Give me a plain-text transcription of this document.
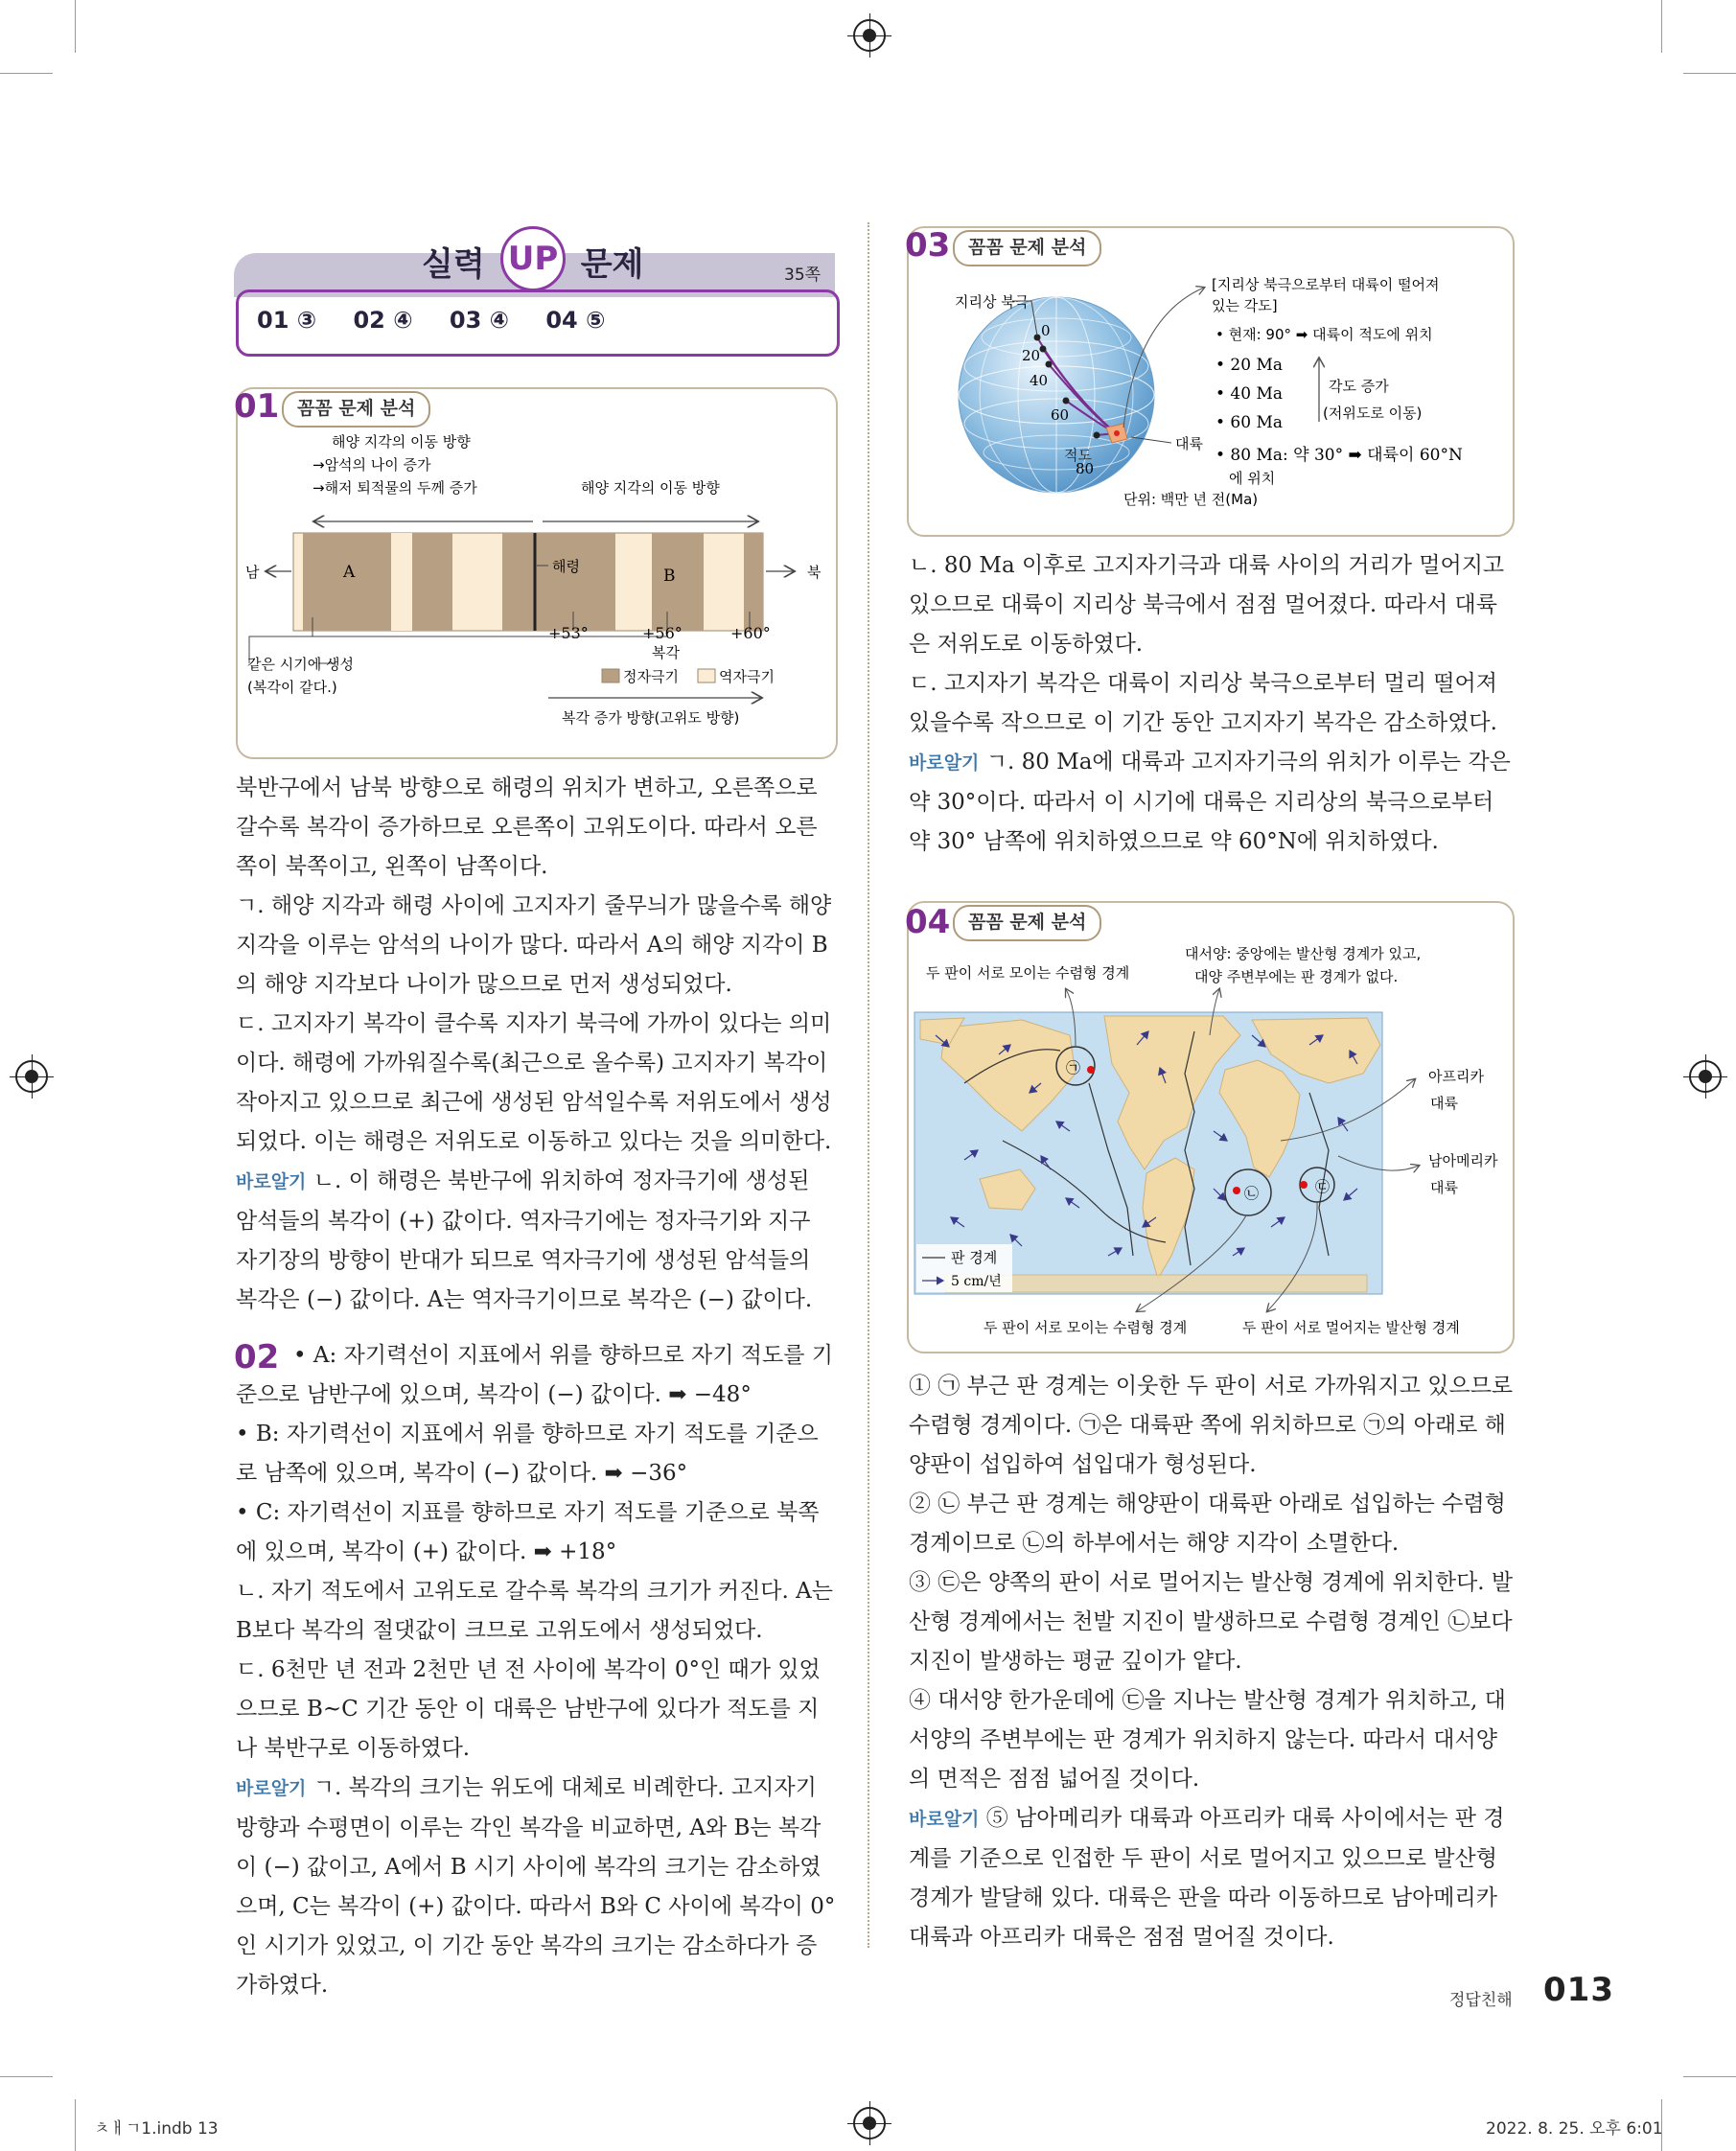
실력	문제
UP	35쪽
01 ③ 02 ④ 03 ④ 04 ⑤
01 꼼꼼 문제 분석
해양 지각의 이동 방향
→암석의 나이 증가
→해저 퇴적물의 두께 증가	해양 지각의 이동 방향
A	B
해령
남	북
+53°	+56°	+60°
복각
같은 시기에 생성
(복각이 같다.)
정자극기	역자극기
복각 증가 방향(고위도 방향)

북반구에서 남북 방향으로 해령의 위치가 변하고, 오른쪽으로 갈수록 복각이 증가하므로 오른쪽이 고위도이다. 따라서 오른쪽이 북쪽이고, 왼쪽이 남쪽이다.

ㄱ. 해양 지각과 해령 사이에 고지자기 줄무늬가 많을수록 해양 지각을 이루는 암석의 나이가 많다. 따라서 A의 해양 지각이 B의 해양 지각보다 나이가 많으므로 먼저 생성되었다.

ㄷ. 고지자기 복각이 클수록 지자기 북극에 가까이 있다는 의미이다. 해령에 가까워질수록(최근으로 올수록) 고지자기 복각이 작아지고 있으므로 최근에 생성된 암석일수록 저위도에서 생성되었다. 이는 해령은 저위도로 이동하고 있다는 것을 의미한다.

바로알기 ㄴ. 이 해령은 북반구에 위치하여 정자극기에 생성된 암석들의 복각이 (+) 값이다. 역자극기에는 정자극기와 지구 자기장의 방향이 반대가 되므로 역자극기에 생성된 암석들의 복각은 (−) 값이다. A는 역자극기이므로 복각은 (−) 값이다.

02 • A: 자기력선이 지표에서 위를 향하므로 자기 적도를 기준으로 남반구에 있으며, 복각이 (−) 값이다. ➡ −48°

• B: 자기력선이 지표에서 위를 향하므로 자기 적도를 기준으로 남쪽에 있으며, 복각이 (−) 값이다. ➡ −36°

• C: 자기력선이 지표를 향하므로 자기 적도를 기준으로 북쪽에 있으며, 복각이 (+) 값이다. ➡ +18°

ㄴ. 자기 적도에서 고위도로 갈수록 복각의 크기가 커진다. A는 B보다 복각의 절댓값이 크므로 고위도에서 생성되었다.

ㄷ. 6천만 년 전과 2천만 년 전 사이에 복각이 0°인 때가 있었으므로 B~C 기간 동안 이 대륙은 남반구에 있다가 적도를 지나 북반구로 이동하였다.

바로알기 ㄱ. 복각의 크기는 위도에 대체로 비례한다. 고지자기 방향과 수평면이 이루는 각인 복각을 비교하면, A와 B는 복각이 (−) 값이고, A에서 B 시기 사이에 복각의 크기는 감소하였으며, C는 복각이 (+) 값이다. 따라서 B와 C 사이에 복각이 0°인 시기가 있었고, 이 기간 동안 복각의 크기는 감소하다가 증가하였다.

03 꼼꼼 문제 분석
0
20
40
60
80
적도
지리상 북극
대륙
단위: 백만 년 전(Ma)
[지리상 북극으로부터 대륙이 떨어져
있는 각도]
• 현재: 90° ➡ 대륙이 적도에 위치
• 20 Ma
• 40 Ma
• 60 Ma
각도 증가
(저위도로 이동)
• 80 Ma: 약 30° ➡ 대륙이 60°N
에 위치

ㄴ. 80 Ma 이후로 고지자기극과 대륙 사이의 거리가 멀어지고 있으므로 대륙이 지리상 북극에서 점점 멀어졌다. 따라서 대륙은 저위도로 이동하였다.

ㄷ. 고지자기 복각은 대륙이 지리상 북극으로부터 멀리 떨어져 있을수록 작으므로 이 기간 동안 고지자기 복각은 감소하였다.

바로알기 ㄱ. 80 Ma에 대륙과 고지자기극의 위치가 이루는 각은 약 30°이다. 따라서 이 시기에 대륙은 지리상의 북극으로부터 약 30° 남쪽에 위치하였으므로 약 60°N에 위치하였다.

04 꼼꼼 문제 분석
두 판이 서로 모이는 수렴형 경계
대서양: 중앙에는 발산형 경계가 있고,
대양 주변부에는 판 경계가 없다.
㉠
㉡	㉢
아프리카
대륙
남아메리카
대륙
판 경계
5 cm/년
두 판이 서로 모이는 수렴형 경계	두 판이 서로 멀어지는 발산형 경계

① ㉠ 부근 판 경계는 이웃한 두 판이 서로 가까워지고 있으므로 수렴형 경계이다. ㉠은 대륙판 쪽에 위치하므로 ㉠의 아래로 해양판이 섭입하여 섭입대가 형성된다.

② ㉡ 부근 판 경계는 해양판이 대륙판 아래로 섭입하는 수렴형 경계이므로 ㉡의 하부에서는 해양 지각이 소멸한다.

③ ㉢은 양쪽의 판이 서로 멀어지는 발산형 경계에 위치한다. 발산형 경계에서는 천발 지진이 발생하므로 수렴형 경계인 ㉡보다 지진이 발생하는 평균 깊이가 얕다.

④ 대서양 한가운데에 ㉢을 지나는 발산형 경계가 위치하고, 대서양의 주변부에는 판 경계가 위치하지 않는다. 따라서 대서양의 면적은 점점 넓어질 것이다.

바로알기 ⑤ 남아메리카 대륙과 아프리카 대륙 사이에서는 판 경계를 기준으로 인접한 두 판이 서로 멀어지고 있으므로 발산형 경계가 발달해 있다. 대륙은 판을 따라 이동하므로 남아메리카 대륙과 아프리카 대륙은 점점 멀어질 것이다.

정답친해 013
ㅊㅐㄱ1.indb 13	2022. 8. 25. 오후 6:01
